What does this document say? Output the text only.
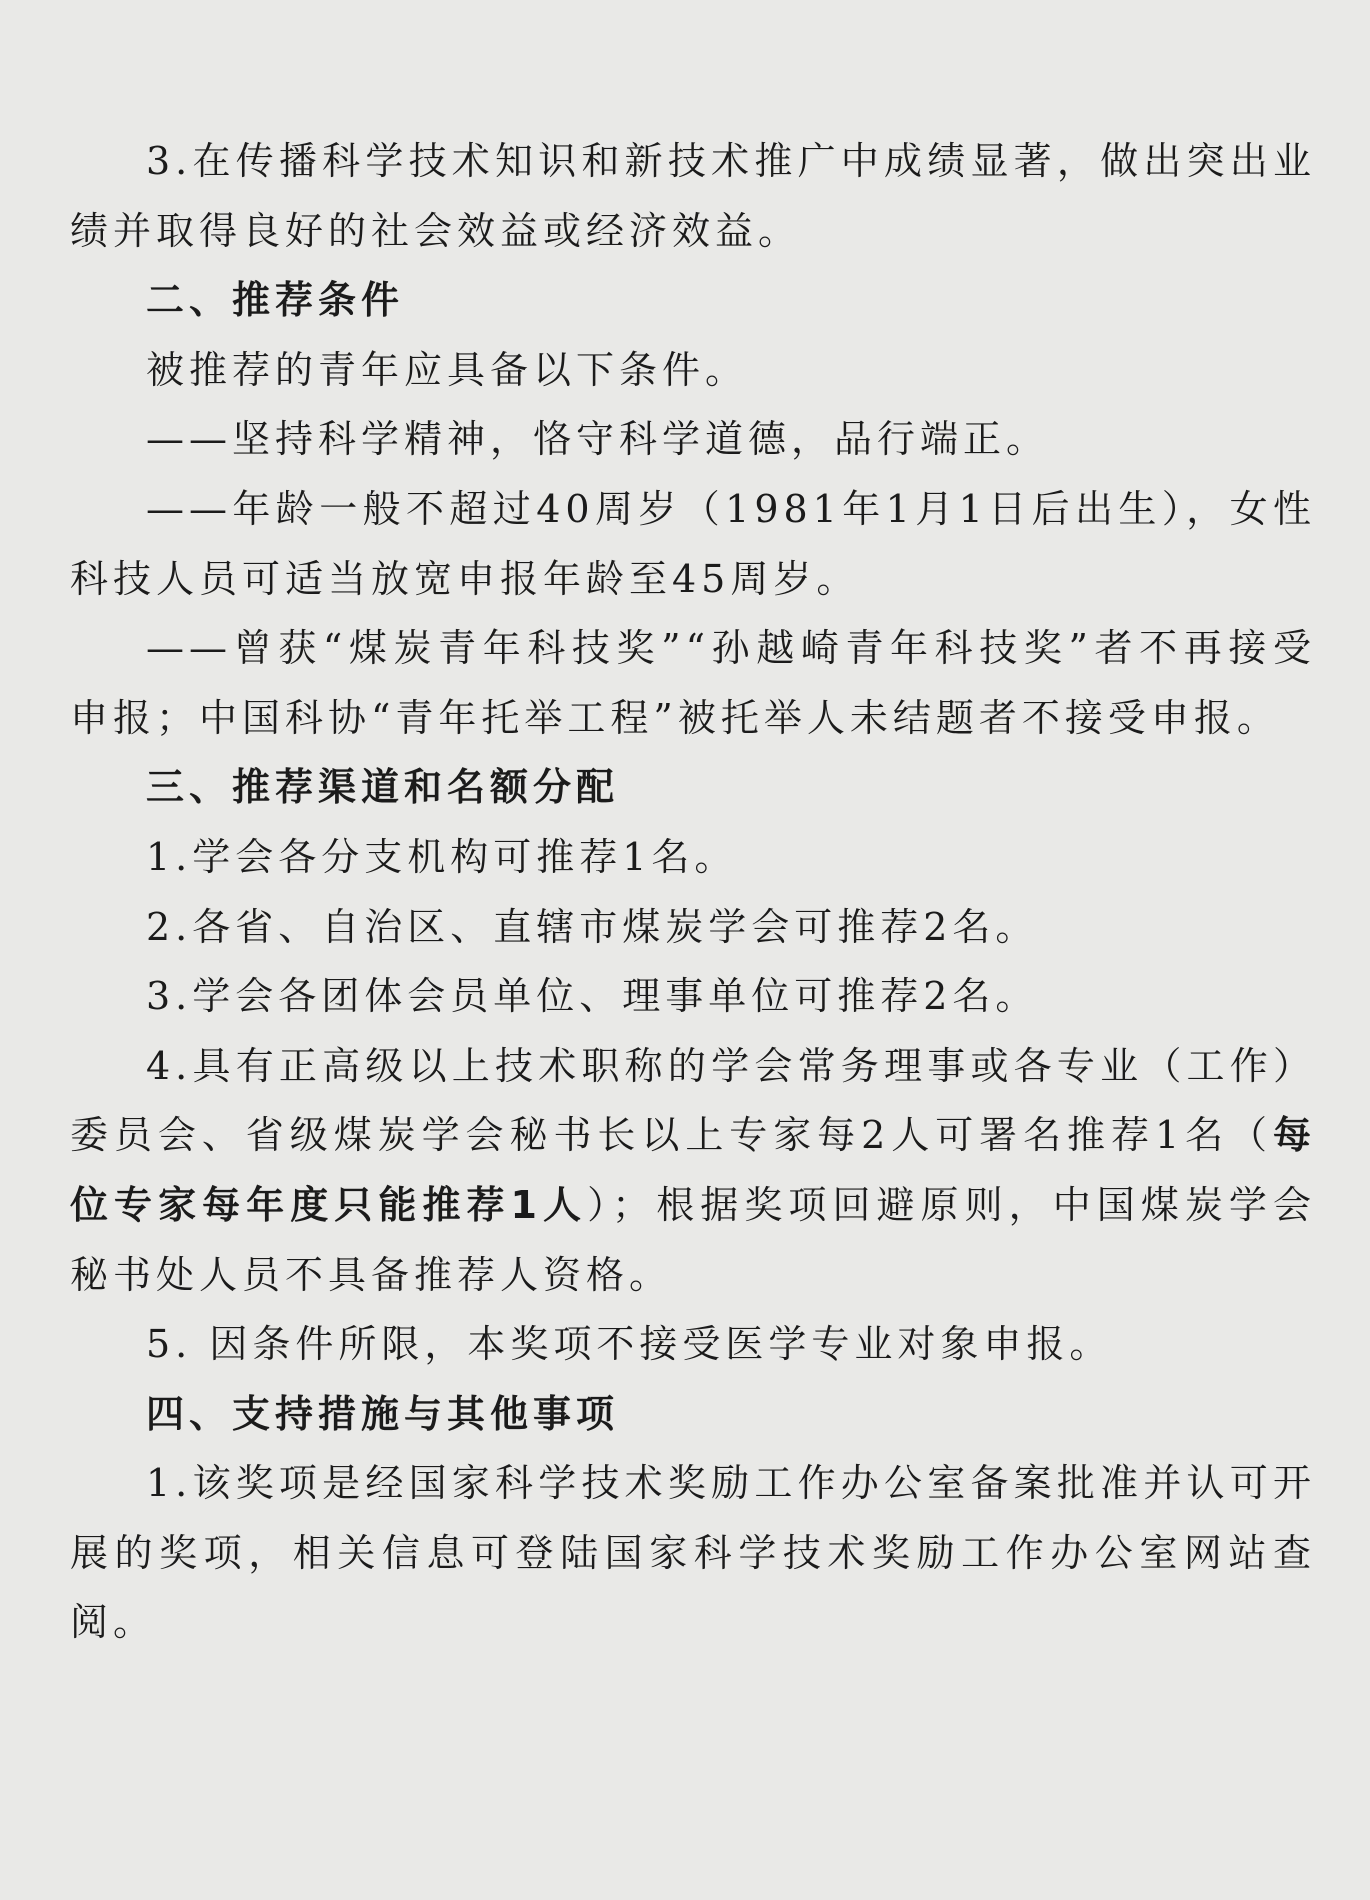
3.在传播科学技术知识和新技术推广中成绩显著，做出突出业绩并取得良好的社会效益或经济效益。

二、推荐条件

被推荐的青年应具备以下条件。

——坚持科学精神，恪守科学道德，品行端正。

——年龄一般不超过40周岁（1981年1月1日后出生），女性科技人员可适当放宽申报年龄至45周岁。

——曾获“煤炭青年科技奖”“孙越崎青年科技奖”者不再接受申报；中国科协“青年托举工程”被托举人未结题者不接受申报。

三、推荐渠道和名额分配

1.学会各分支机构可推荐1名。

2.各省、自治区、直辖市煤炭学会可推荐2名。

3.学会各团体会员单位、理事单位可推荐2名。

4.具有正高级以上技术职称的学会常务理事或各专业（工作）委员会、省级煤炭学会秘书长以上专家每2人可署名推荐1名（每位专家每年度只能推荐1人）；根据奖项回避原则，中国煤炭学会秘书处人员不具备推荐人资格。

5. 因条件所限，本奖项不接受医学专业对象申报。

四、支持措施与其他事项

1.该奖项是经国家科学技术奖励工作办公室备案批准并认可开展的奖项，相关信息可登陆国家科学技术奖励工作办公室网站查阅。
